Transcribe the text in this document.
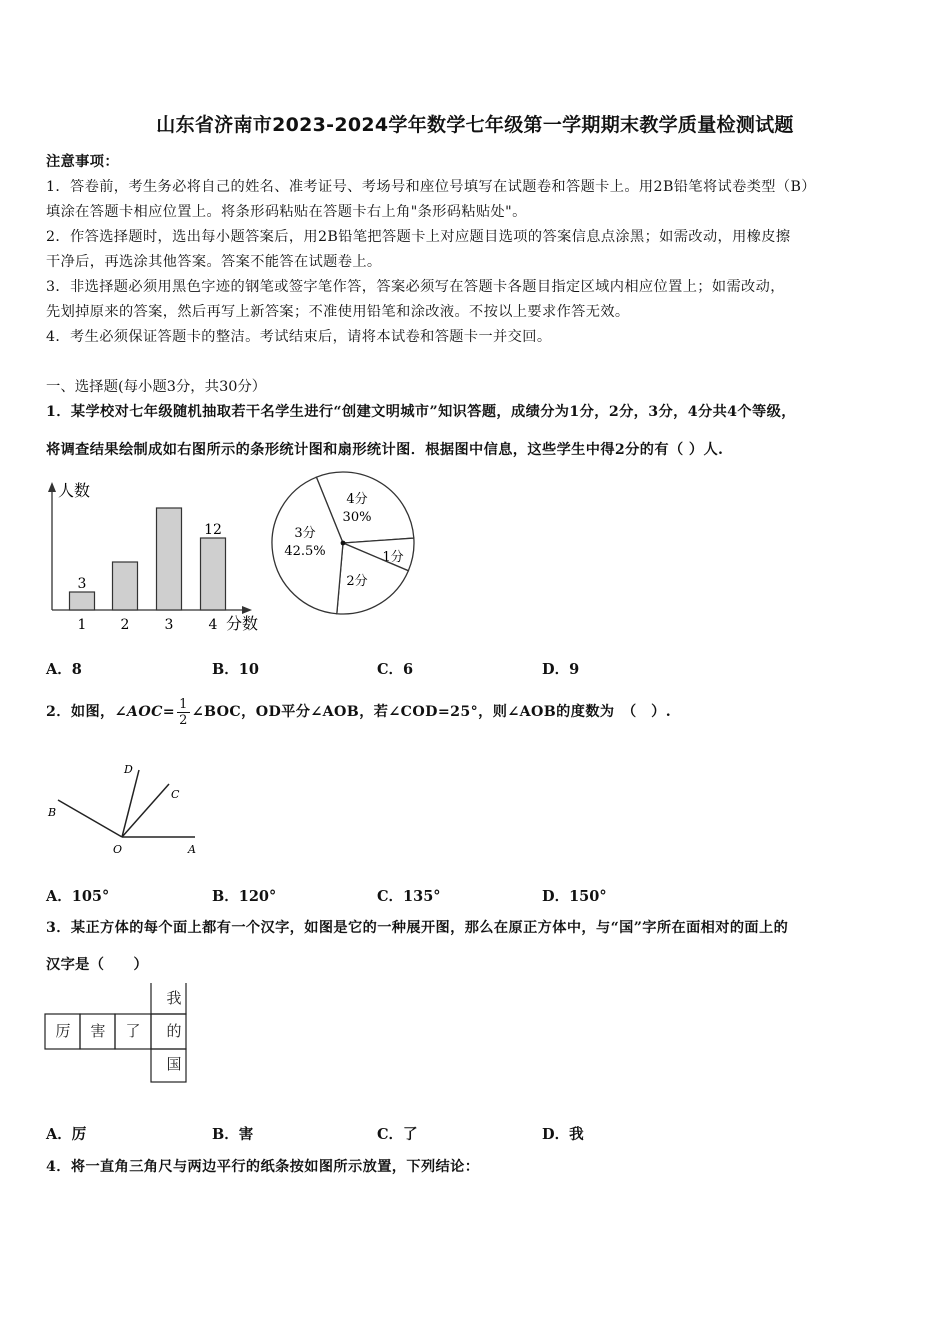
山东省济南市2023-2024学年数学七年级第一学期期末教学质量检测试题
注意事项：
1．答卷前，考生务必将自己的姓名、准考证号、考场号和座位号填写在试题卷和答题卡上。用2B铅笔将试卷类型（B）
填涂在答题卡相应位置上。将条形码粘贴在答题卡右上角"条形码粘贴处"。
2．作答选择题时，选出每小题答案后，用2B铅笔把答题卡上对应题目选项的答案信息点涂黑；如需改动，用橡皮擦
干净后，再选涂其他答案。答案不能答在试题卷上。
3．非选择题必须用黑色字迹的钢笔或签字笔作答，答案必须写在答题卡各题目指定区域内相应位置上；如需改动，
先划掉原来的答案，然后再写上新答案；不准使用铅笔和涂改液。不按以上要求作答无效。
4．考生必须保证答题卡的整洁。考试结束后，请将本试卷和答题卡一并交回。
一、选择题(每小题3分，共30分）
1．某学校对七年级随机抽取若干名学生进行“创建文明城市”知识答题，成绩分为1分，2分，3分，4分共4个等级，
将调查结果绘制成如右图所示的条形统计图和扇形统计图．根据图中信息，这些学生中得2分的有（ ）人.
人数
分数
1
3
2	3	4
12
4分
30%
1分
2分
3分
42.5%
A．8	B．10	C．6	D．9
2．如图，∠AOC= $\frac{1}{2}$ ∠BOC，OD平分∠AOB，若∠COD=25°，则∠AOB的度数为　（　）.
D
C
B
O	A
A．105°	B．120°	C．135°	D．150°
3．某正方体的每个面上都有一个汉字，如图是它的一种展开图，那么在原正方体中，与“国”字所在面相对的面上的
汉字是（　　）
我
厉 害 了 的
国
A．厉	B．害	C．了	D．我
4．将一直角三角尺与两边平行的纸条按如图所示放置，下列结论：
